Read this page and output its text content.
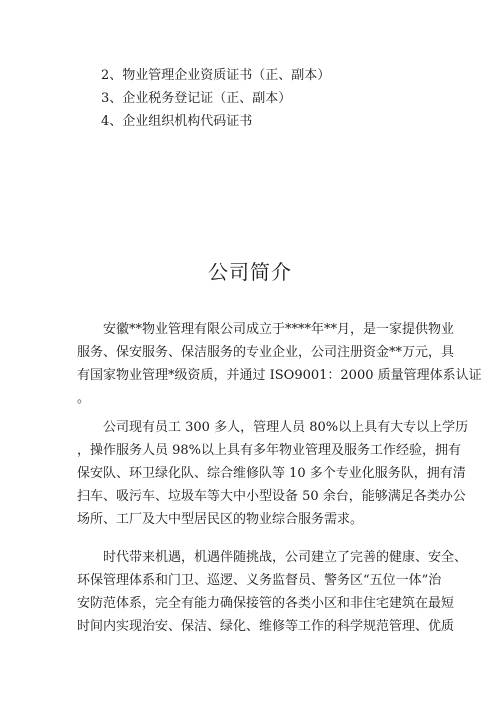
2、物业管理企业资质证书（正、副本）
3、企业税务登记证（正、副本）
4、企业组织机构代码证书
公司简介

安徽**物业管理有限公司成立于****年**月，是一家提供物业
服务、保安服务、保洁服务的专业企业，公司注册资金**万元，具
有国家物业管理*级资质，并通过 ISO9001：2000 质量管理体系认证
。

公司现有员工 300 多人，管理人员 80%以上具有大专以上学历
，操作服务人员 98%以上具有多年物业管理及服务工作经验，拥有
保安队、环卫绿化队、综合维修队等 10 多个专业化服务队，拥有清
扫车、吸污车、垃圾车等大中小型设备 50 余台，能够满足各类办公
场所、工厂及大中型居民区的物业综合服务需求。

时代带来机遇，机遇伴随挑战，公司建立了完善的健康、安全、
环保管理体系和门卫、巡逻、义务监督员、警务区“五位一体”治
安防范体系，完全有能力确保接管的各类小区和非住宅建筑在最短
时间内实现治安、保洁、绿化、维修等工作的科学规范管理、优质
